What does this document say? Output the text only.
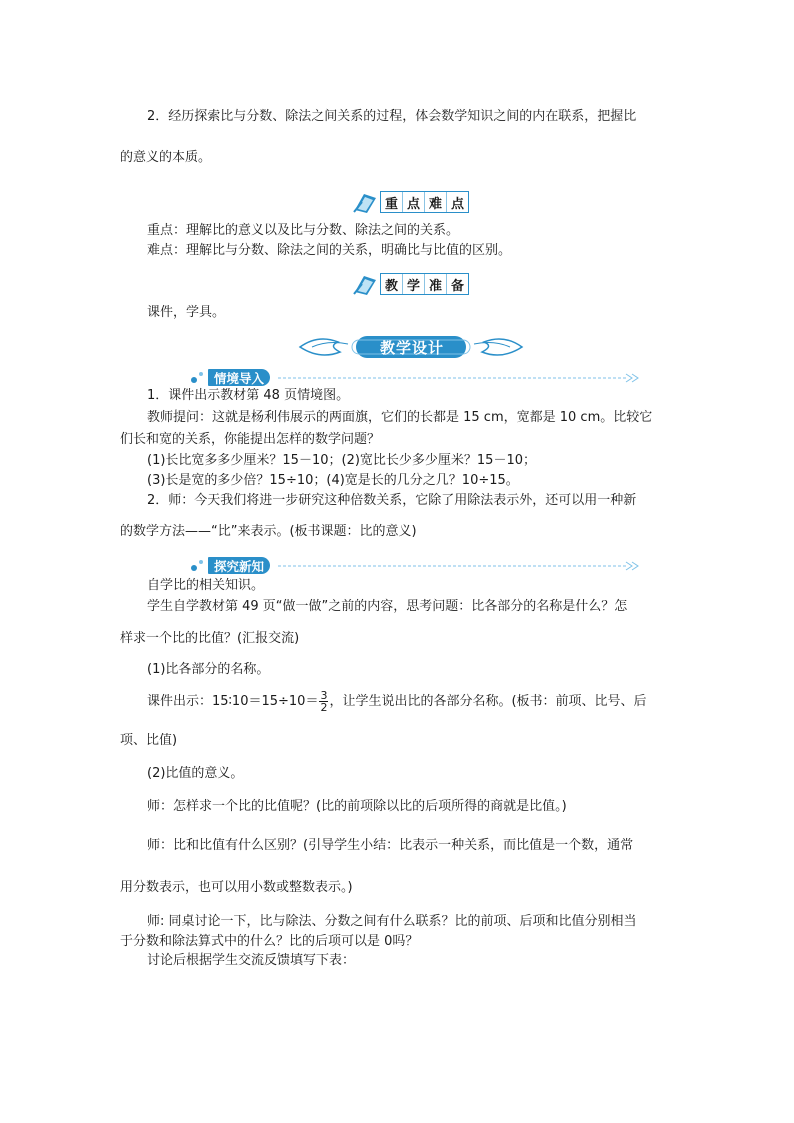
2．经历探索比与分数、除法之间关系的过程，体会数学知识之间的内在联系，把握比
的意义的本质。
重 点 难 点
重点：理解比的意义以及比与分数、除法之间的关系。
难点：理解比与分数、除法之间的关系，明确比与比值的区别。
教 学 准 备
课件，学具。
教学设计
情境导入
1．课件出示教材第 48 页情境图。
教师提问：这就是杨利伟展示的两面旗，它们的长都是 15 cm，宽都是 10 cm。比较它
们长和宽的关系，你能提出怎样的数学问题？
(1)长比宽多多少厘米？15－10；(2)宽比长少多少厘米？15－10；
(3)长是宽的多少倍？15÷10；(4)宽是长的几分之几？10÷15。
2．师：今天我们将进一步研究这种倍数关系，它除了用除法表示外，还可以用一种新
的数学方法——“比”来表示。(板书课题：比的意义)
探究新知
自学比的相关知识。
学生自学教材第 49 页“做一做”之前的内容，思考问题：比各部分的名称是什么？怎
样求一个比的比值？(汇报交流)
(1)比各部分的名称。
课件出示：15∶10＝15÷10＝ $\frac{3}{2}$ ，让学生说出比的各部分名称。(板书：前项、比号、后
项、比值)
(2)比值的意义。
师：怎样求一个比的比值呢？(比的前项除以比的后项所得的商就是比值。)
师：比和比值有什么区别？(引导学生小结：比表示一种关系，而比值是一个数，通常
用分数表示，也可以用小数或整数表示。)
师: 同桌讨论一下，比与除法、分数之间有什么联系？比的前项、后项和比值分别相当
于分数和除法算式中的什么？比的后项可以是 0吗？
讨论后根据学生交流反馈填写下表：
